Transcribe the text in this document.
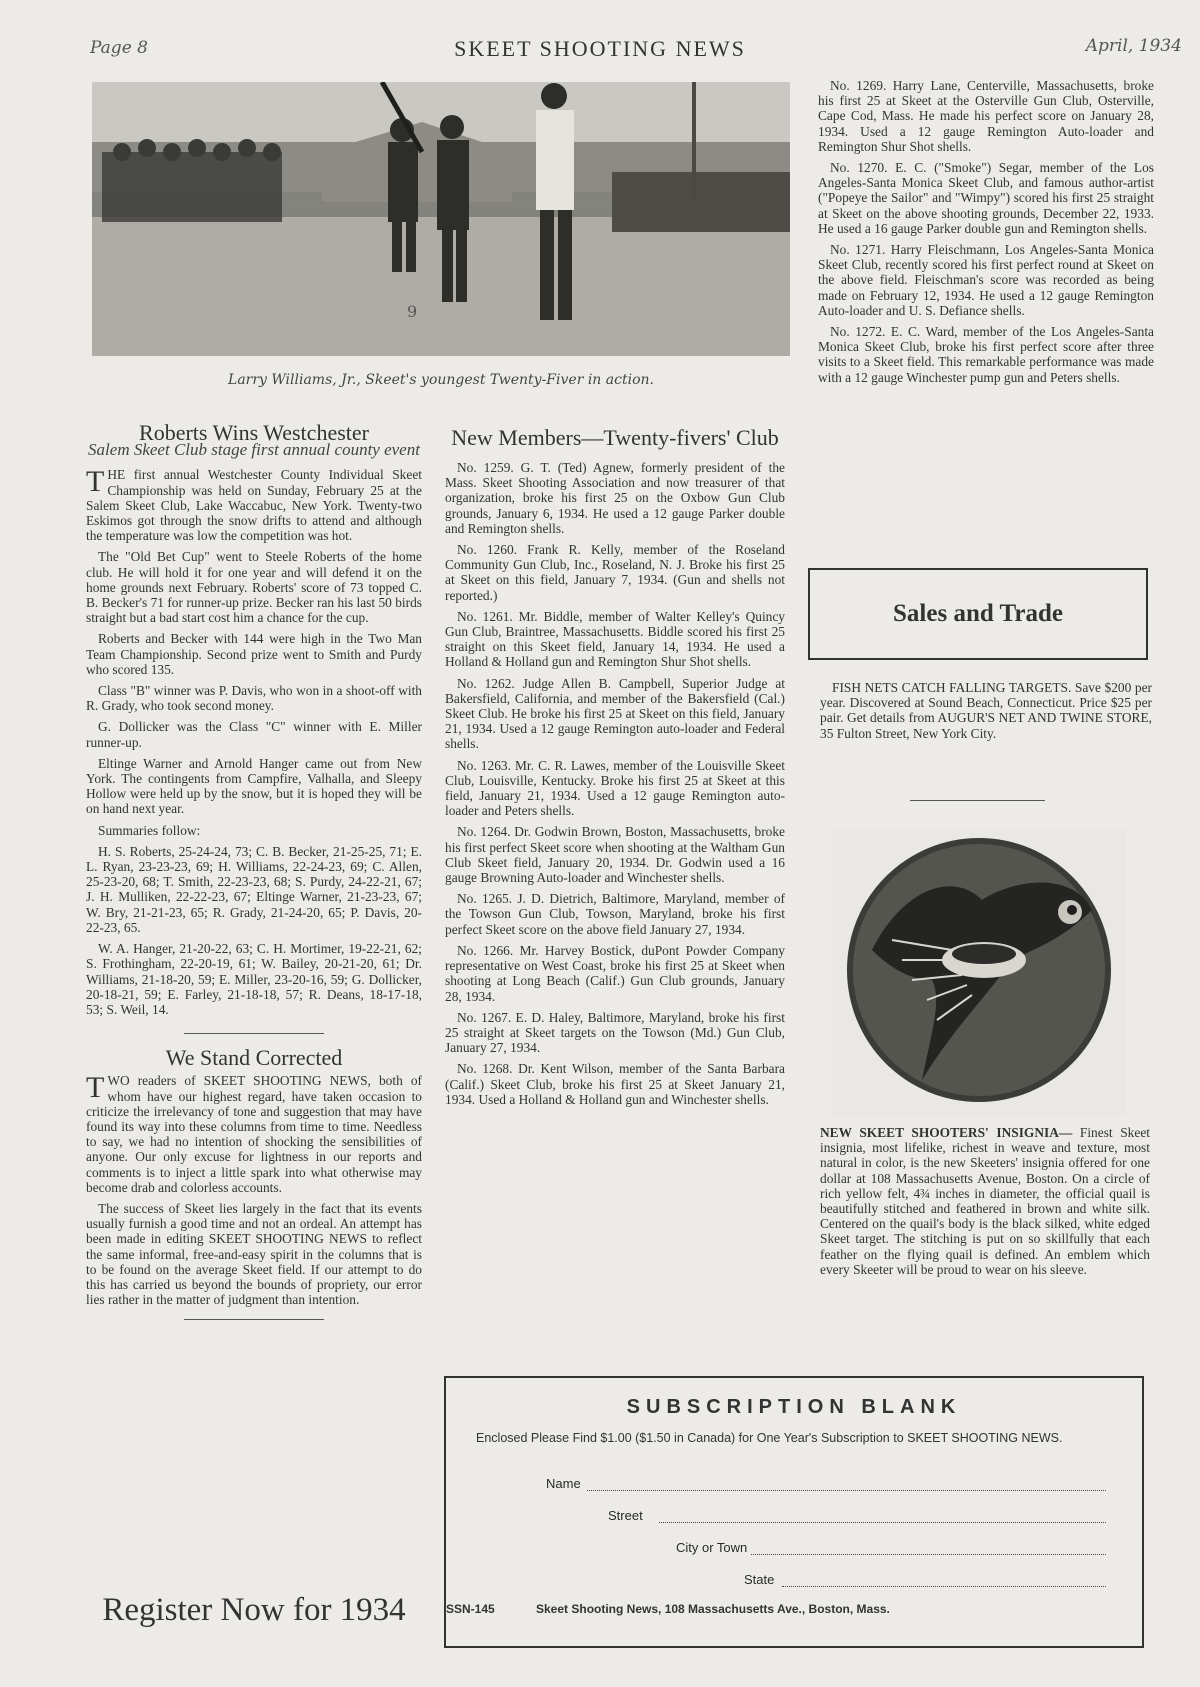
Page 8	SKEET SHOOTING NEWS	April, 1934
9
Larry Williams, Jr., Skeet's youngest Twenty-Fiver in action.
Roberts Wins Westchester
Salem Skeet Club stage first annual county event

THE first annual Westchester County Individual Skeet Championship was held on Sunday, February 25 at the Salem Skeet Club, Lake Waccabuc, New York. Twenty-two Eskimos got through the snow drifts to attend and although the temperature was low the competition was hot.

The "Old Bet Cup" went to Steele Roberts of the home club. He will hold it for one year and will defend it on the home grounds next February. Roberts' score of 73 topped C. B. Becker's 71 for runner-up prize. Becker ran his last 50 birds straight but a bad start cost him a chance for the cup.

Roberts and Becker with 144 were high in the Two Man Team Championship. Second prize went to Smith and Purdy who scored 135.

Class "B" winner was P. Davis, who won in a shoot-off with R. Grady, who took second money.

G. Dollicker was the Class "C" winner with E. Miller runner-up.

Eltinge Warner and Arnold Hanger came out from New York. The contingents from Campfire, Valhalla, and Sleepy Hollow were held up by the snow, but it is hoped they will be on hand next year.

Summaries follow:

H. S. Roberts, 25-24-24, 73; C. B. Becker, 21-25-25, 71; E. L. Ryan, 23-23-23, 69; H. Williams, 22-24-23, 69; C. Allen, 25-23-20, 68; T. Smith, 22-23-23, 68; S. Purdy, 24-22-21, 67; J. H. Mulliken, 22-22-23, 67; Eltinge Warner, 21-23-23, 67; W. Bry, 21-21-23, 65; R. Grady, 21-24-20, 65; P. Davis, 20-22-23, 65.

W. A. Hanger, 21-20-22, 63; C. H. Mortimer, 19-22-21, 62; S. Frothingham, 22-20-19, 61; W. Bailey, 20-21-20, 61; Dr. Williams, 21-18-20, 59; E. Miller, 23-20-16, 59; G. Dollicker, 20-18-21, 59; E. Farley, 21-18-18, 57; R. Deans, 18-17-18, 53; S. Weil, 14.

We Stand Corrected

TWO readers of SKEET SHOOTING NEWS, both of whom have our highest regard, have taken occasion to criticize the irrelevancy of tone and suggestion that may have found its way into these columns from time to time. Needless to say, we had no intention of shocking the sensibilities of anyone. Our only excuse for lightness in our reports and comments is to inject a little spark into what otherwise may become drab and colorless accounts.

The success of Skeet lies largely in the fact that its events usually furnish a good time and not an ordeal. An attempt has been made in editing SKEET SHOOTING NEWS to reflect the same informal, free-and-easy spirit in the columns that is to be found on the average Skeet field. If our attempt to do this has carried us beyond the bounds of propriety, our error lies rather in the matter of judgment than intention.

Register Now for 1934
New Members—Twenty-fivers' Club

No. 1259. G. T. (Ted) Agnew, formerly president of the Mass. Skeet Shooting Association and now treasurer of that organization, broke his first 25 on the Oxbow Gun Club grounds, January 6, 1934. He used a 12 gauge Parker double and Remington shells.

No. 1260. Frank R. Kelly, member of the Roseland Community Gun Club, Inc., Roseland, N. J. Broke his first 25 at Skeet on this field, January 7, 1934. (Gun and shells not reported.)

No. 1261. Mr. Biddle, member of Walter Kelley's Quincy Gun Club, Braintree, Massachusetts. Biddle scored his first 25 straight on this Skeet field, January 14, 1934. He used a Holland & Holland gun and Remington Shur Shot shells.

No. 1262. Judge Allen B. Campbell, Superior Judge at Bakersfield, California, and member of the Bakersfield (Cal.) Skeet Club. He broke his first 25 at Skeet on this field, January 21, 1934. Used a 12 gauge Remington auto-loader and Federal shells.

No. 1263. Mr. C. R. Lawes, member of the Louisville Skeet Club, Louisville, Kentucky. Broke his first 25 at Skeet at this field, January 21, 1934. Used a 12 gauge Remington auto-loader and Peters shells.

No. 1264. Dr. Godwin Brown, Boston, Massachusetts, broke his first perfect Skeet score when shooting at the Waltham Gun Club Skeet field, January 20, 1934. Dr. Godwin used a 16 gauge Browning Auto-loader and Winchester shells.

No. 1265. J. D. Dietrich, Baltimore, Maryland, member of the Towson Gun Club, Towson, Maryland, broke his first perfect Skeet score on the above field January 27, 1934.

No. 1266. Mr. Harvey Bostick, duPont Powder Company representative on West Coast, broke his first 25 at Skeet when shooting at Long Beach (Calif.) Gun Club grounds, January 28, 1934.

No. 1267. E. D. Haley, Baltimore, Maryland, broke his first 25 straight at Skeet targets on the Towson (Md.) Gun Club, January 27, 1934.

No. 1268. Dr. Kent Wilson, member of the Santa Barbara (Calif.) Skeet Club, broke his first 25 at Skeet January 21, 1934. Used a Holland & Holland gun and Winchester shells.

No. 1269. Harry Lane, Centerville, Massachusetts, broke his first 25 at Skeet at the Osterville Gun Club, Osterville, Cape Cod, Mass. He made his perfect score on January 28, 1934. Used a 12 gauge Remington Auto-loader and Remington Shur Shot shells.

No. 1270. E. C. ("Smoke") Segar, member of the Los Angeles-Santa Monica Skeet Club, and famous author-artist ("Popeye the Sailor" and "Wimpy") scored his first 25 straight at Skeet on the above shooting grounds, December 22, 1933. He used a 16 gauge Parker double gun and Remington shells.

No. 1271. Harry Fleischmann, Los Angeles-Santa Monica Skeet Club, recently scored his first perfect round at Skeet on the above field. Fleischman's score was recorded as being made on February 12, 1934. He used a 12 gauge Remington Auto-loader and U. S. Defiance shells.

No. 1272. E. C. Ward, member of the Los Angeles-Santa Monica Skeet Club, broke his first perfect score after three visits to a Skeet field. This remarkable performance was made with a 12 gauge Winchester pump gun and Peters shells.

Sales and Trade

FISH NETS CATCH FALLING TARGETS. Save $200 per year. Discovered at Sound Beach, Connecticut. Price $25 per pair. Get details from AUGUR'S NET AND TWINE STORE, 35 Fulton Street, New York City.

NEW SKEET SHOOTERS' INSIGNIA— Finest Skeet insignia, most lifelike, richest in weave and texture, most natural in color, is the new Skeeters' insignia offered for one dollar at 108 Massachusetts Avenue, Boston. On a circle of rich yellow felt, 4¾ inches in diameter, the official quail is beautifully stitched and feathered in brown and white silk. Centered on the quail's body is the black silked, white edged Skeet target. The stitching is put on so skillfully that each feather on the flying quail is defined. An emblem which every Skeeter will be proud to wear on his sleeve.

SUBSCRIPTION BLANK
Enclosed Please Find $1.00 ($1.50 in Canada) for One Year's Subscription to SKEET SHOOTING NEWS.
Name
Street
City or Town
State
SSN-145	Skeet Shooting News, 108 Massachusetts Ave., Boston, Mass.
